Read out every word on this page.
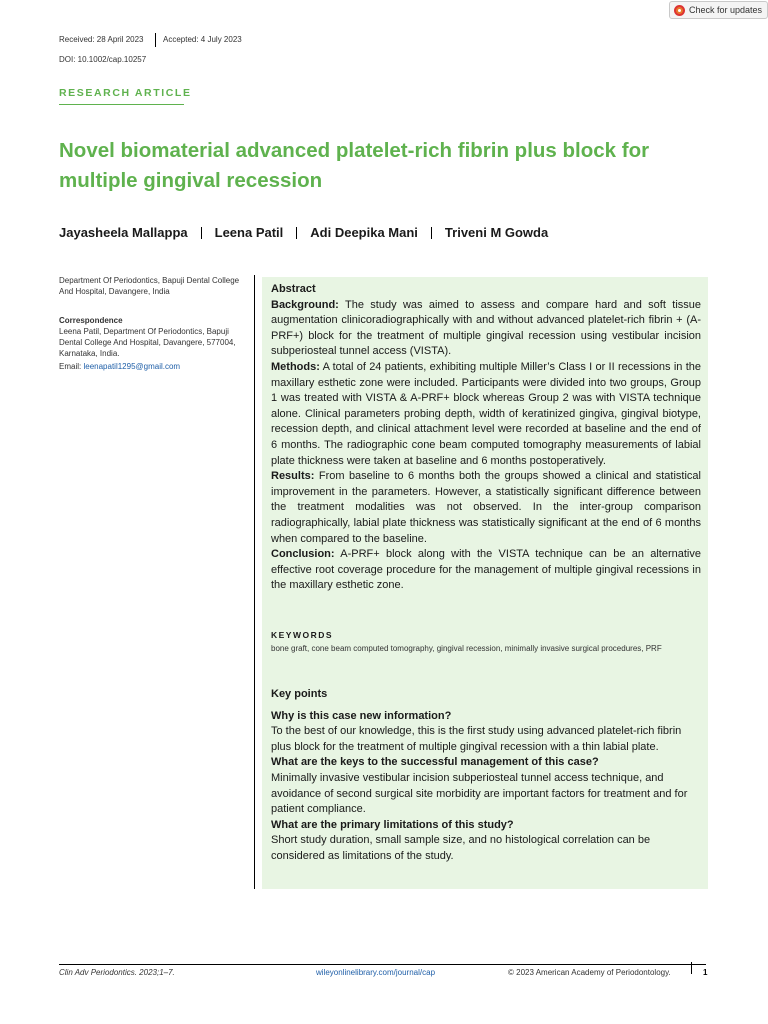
Check for updates
Received: 28 April 2023 Accepted: 4 July 2023
DOI: 10.1002/cap.10257
RESEARCH ARTICLE
Novel biomaterial advanced platelet-rich fibrin plus block for multiple gingival recession
Jayasheela Mallappa Leena Patil Adi Deepika Mani Triveni M Gowda
Department Of Periodontics, Bapuji Dental College And Hospital, Davangere, India
Correspondence
Leena Patil, Department Of Periodontics, Bapuji Dental College And Hospital, Davangere, 577004, Karnataka, India.
Email: leenapatil1295@gmail.com

Abstract

Background: The study was aimed to assess and compare hard and soft tissue augmentation clinicoradiographically with and without advanced platelet-rich fibrin + (A-PRF+) block for the treatment of multiple gingival recession using vestibular incision subperiosteal tunnel access (VISTA).

Methods: A total of 24 patients, exhibiting multiple Miller’s Class I or II recessions in the maxillary esthetic zone were included. Participants were divided into two groups, Group 1 was treated with VISTA & A-PRF+ block whereas Group 2 was with VISTA technique alone. Clinical parameters probing depth, width of keratinized gingiva, gingival biotype, recession depth, and clinical attachment level were recorded at baseline and the end of 6 months. The radiographic cone beam computed tomography measurements of labial plate thickness were taken at baseline and 6 months postoperatively.

Results: From baseline to 6 months both the groups showed a clinical and statistical improvement in the parameters. However, a statistically significant difference between the treatment modalities was not observed. In the inter-group comparison radiographically, labial plate thickness was statistically significant at the end of 6 months when compared to the baseline.

Conclusion: A-PRF+ block along with the VISTA technique can be an alternative effective root coverage procedure for the management of multiple gingival recessions in the maxillary esthetic zone.

KEYWORDS
bone graft, cone beam computed tomography, gingival recession, minimally invasive surgical procedures, PRF

Key points

Why is this case new information?

To the best of our knowledge, this is the first study using advanced platelet-rich fibrin plus block for the treatment of multiple gingival recession with a thin labial plate.

What are the keys to the successful management of this case?

Minimally invasive vestibular incision subperiosteal tunnel access technique, and avoidance of second surgical site morbidity are important factors for treatment and for patient compliance.

What are the primary limitations of this study?

Short study duration, small sample size, and no histological correlation can be considered as limitations of the study.

Clin Adv Periodontics. 2023;1–7.	wileyonlinelibrary.com/journal/cap	© 2023 American Academy of Periodontology.	1
